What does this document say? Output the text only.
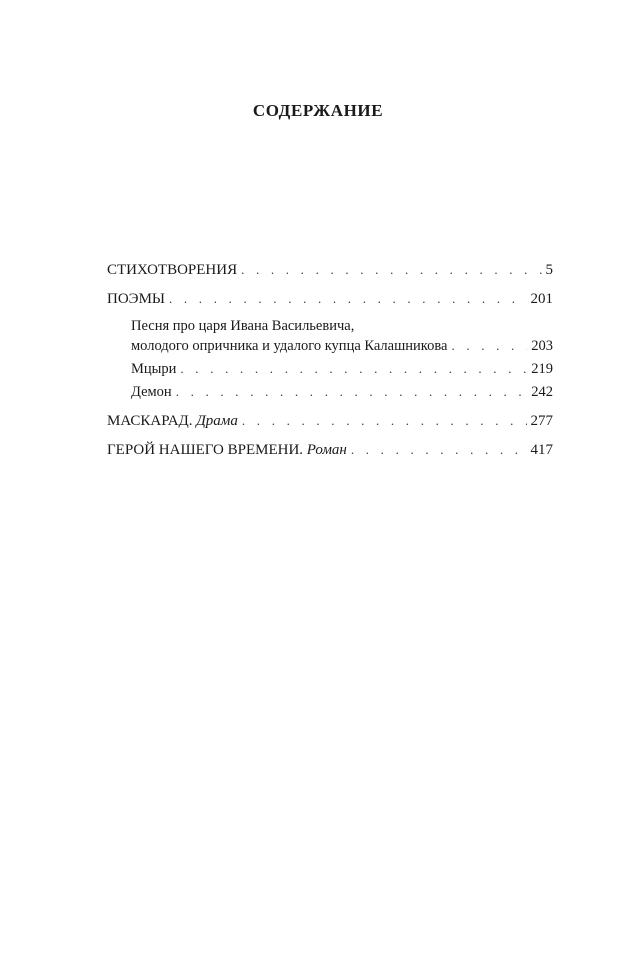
СОДЕРЖАНИЕ
СТИХОТВОРЕНИЯ . . .	5
ПОЭМЫ . . .	201
Песня про царя Ивана Васильевича,
молодого опричника и удалого купца Калашникова . . .	203
Мцыри . . .	219
Демон . . .	242
МАСКАРАД. Драма . . .	277
ГЕРОЙ НАШЕГО ВРЕМЕНИ. Роман . . .	417
